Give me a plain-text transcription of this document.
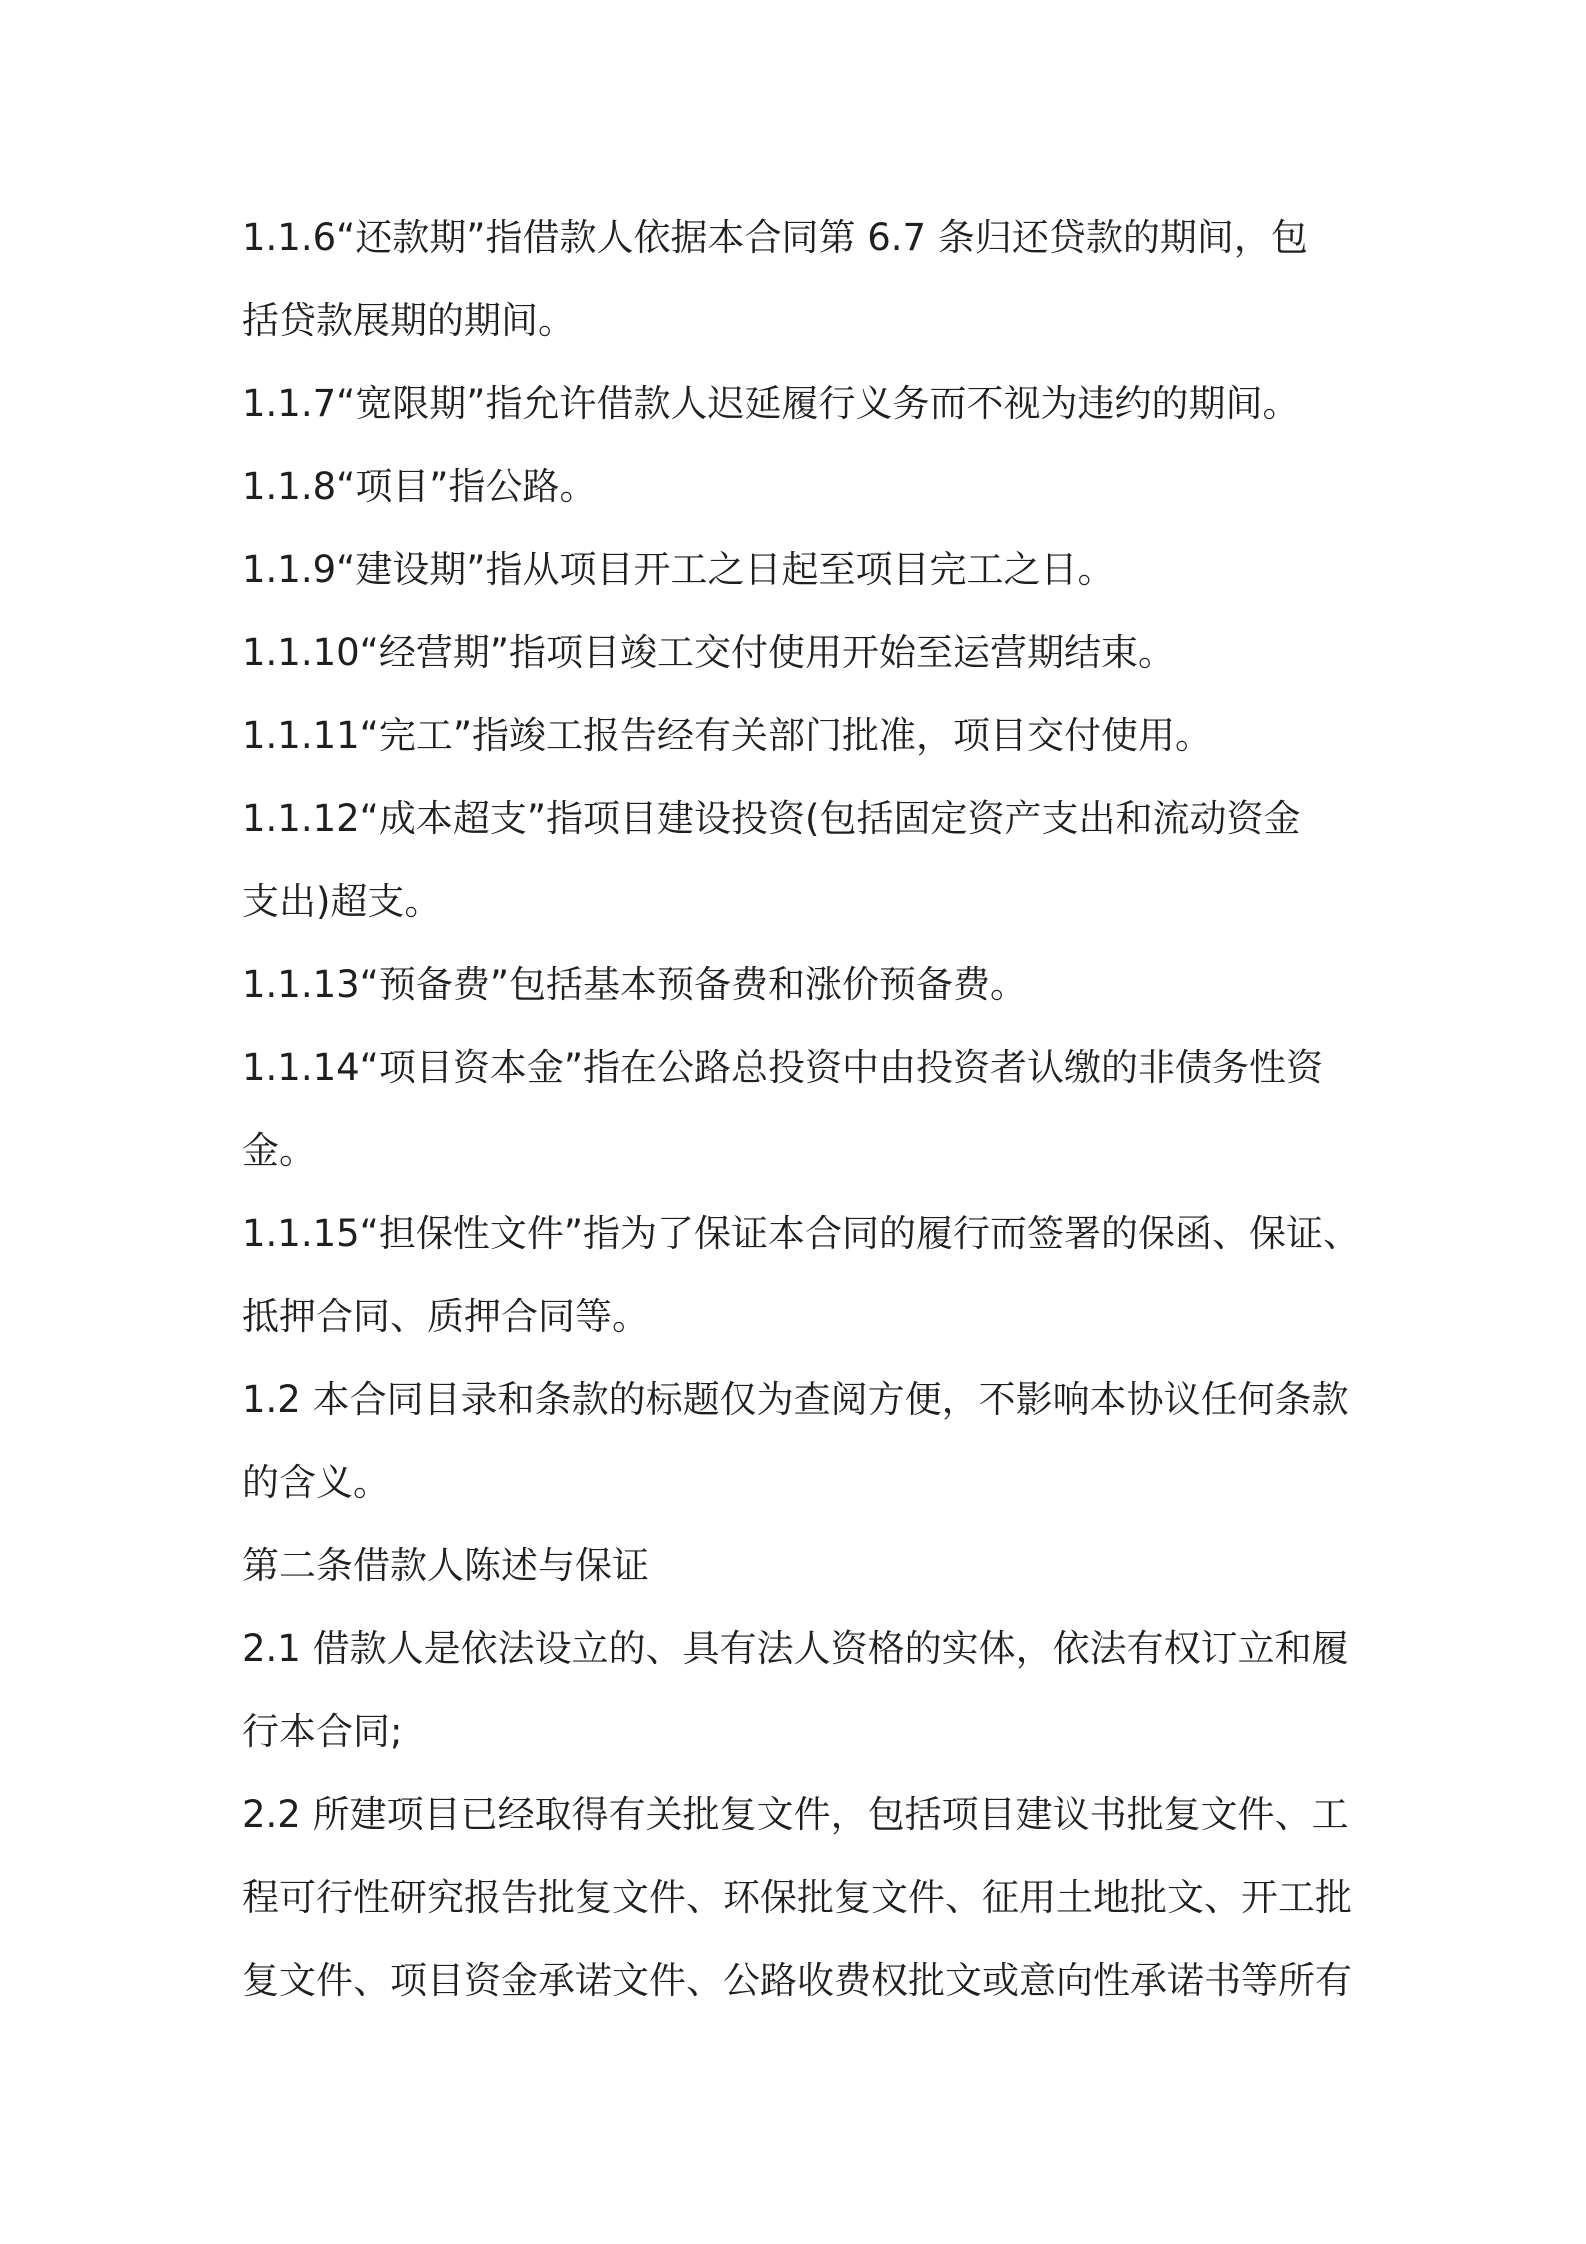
1.1.6“还款期”指借款人依据本合同第 6.7 条归还贷款的期间，包
括贷款展期的期间。

1.1.7“宽限期”指允许借款人迟延履行义务而不视为违约的期间。

1.1.8“项目”指公路。

1.1.9“建设期”指从项目开工之日起至项目完工之日。

1.1.10“经营期”指项目竣工交付使用开始至运营期结束。

1.1.11“完工”指竣工报告经有关部门批准，项目交付使用。

1.1.12“成本超支”指项目建设投资(包括固定资产支出和流动资金
支出)超支。

1.1.13“预备费”包括基本预备费和涨价预备费。

1.1.14“项目资本金”指在公路总投资中由投资者认缴的非债务性资
金。

1.1.15“担保性文件”指为了保证本合同的履行而签署的保函、保证、
抵押合同、质押合同等。

1.2 本合同目录和条款的标题仅为查阅方便，不影响本协议任何条款
的含义。

第二条借款人陈述与保证

2.1 借款人是依法设立的、具有法人资格的实体，依法有权订立和履
行本合同;

2.2 所建项目已经取得有关批复文件，包括项目建议书批复文件、工
程可行性研究报告批复文件、环保批复文件、征用土地批文、开工批
复文件、项目资金承诺文件、公路收费权批文或意向性承诺书等所有
